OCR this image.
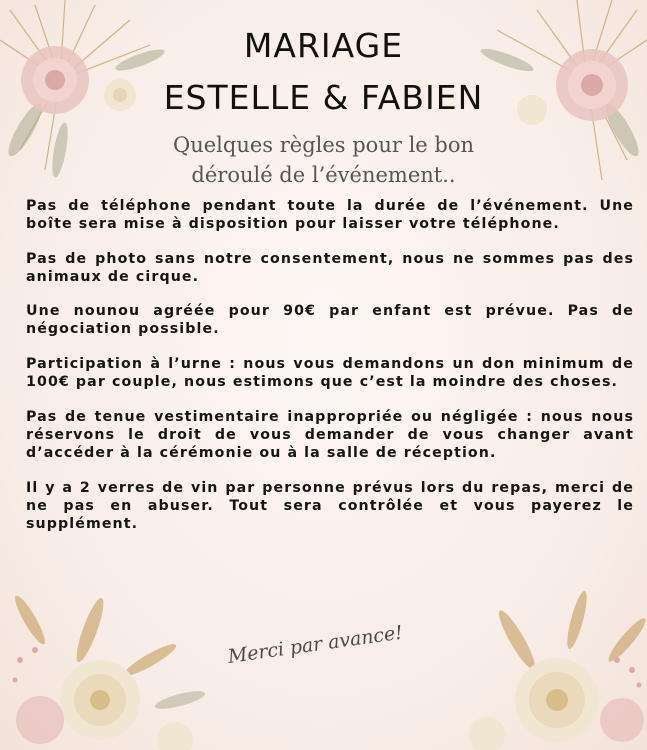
MARIAGE
ESTELLE & FABIEN

Quelques règles pour le bon

déroulé de l’événement..

Pas de téléphone pendant toute la durée de l’événement. Une boîte sera mise à disposition pour laisser votre téléphone.
Pas de photo sans notre consentement, nous ne sommes pas des animaux de cirque.
Une nounou agréée pour 90€ par enfant est prévue. Pas de négociation possible.
Participation à l’urne : nous vous demandons un don minimum de 100€ par couple, nous estimons que c’est la moindre des choses.
Pas de tenue vestimentaire inappropriée ou négligée : nous nous réservons le droit de vous demander de vous changer avant d’accéder à la cérémonie ou à la salle de réception.
Il y a 2 verres de vin par personne prévus lors du repas, merci de ne pas en abuser. Tout sera contrôlée et vous payerez le supplément.

Merci par avance!
